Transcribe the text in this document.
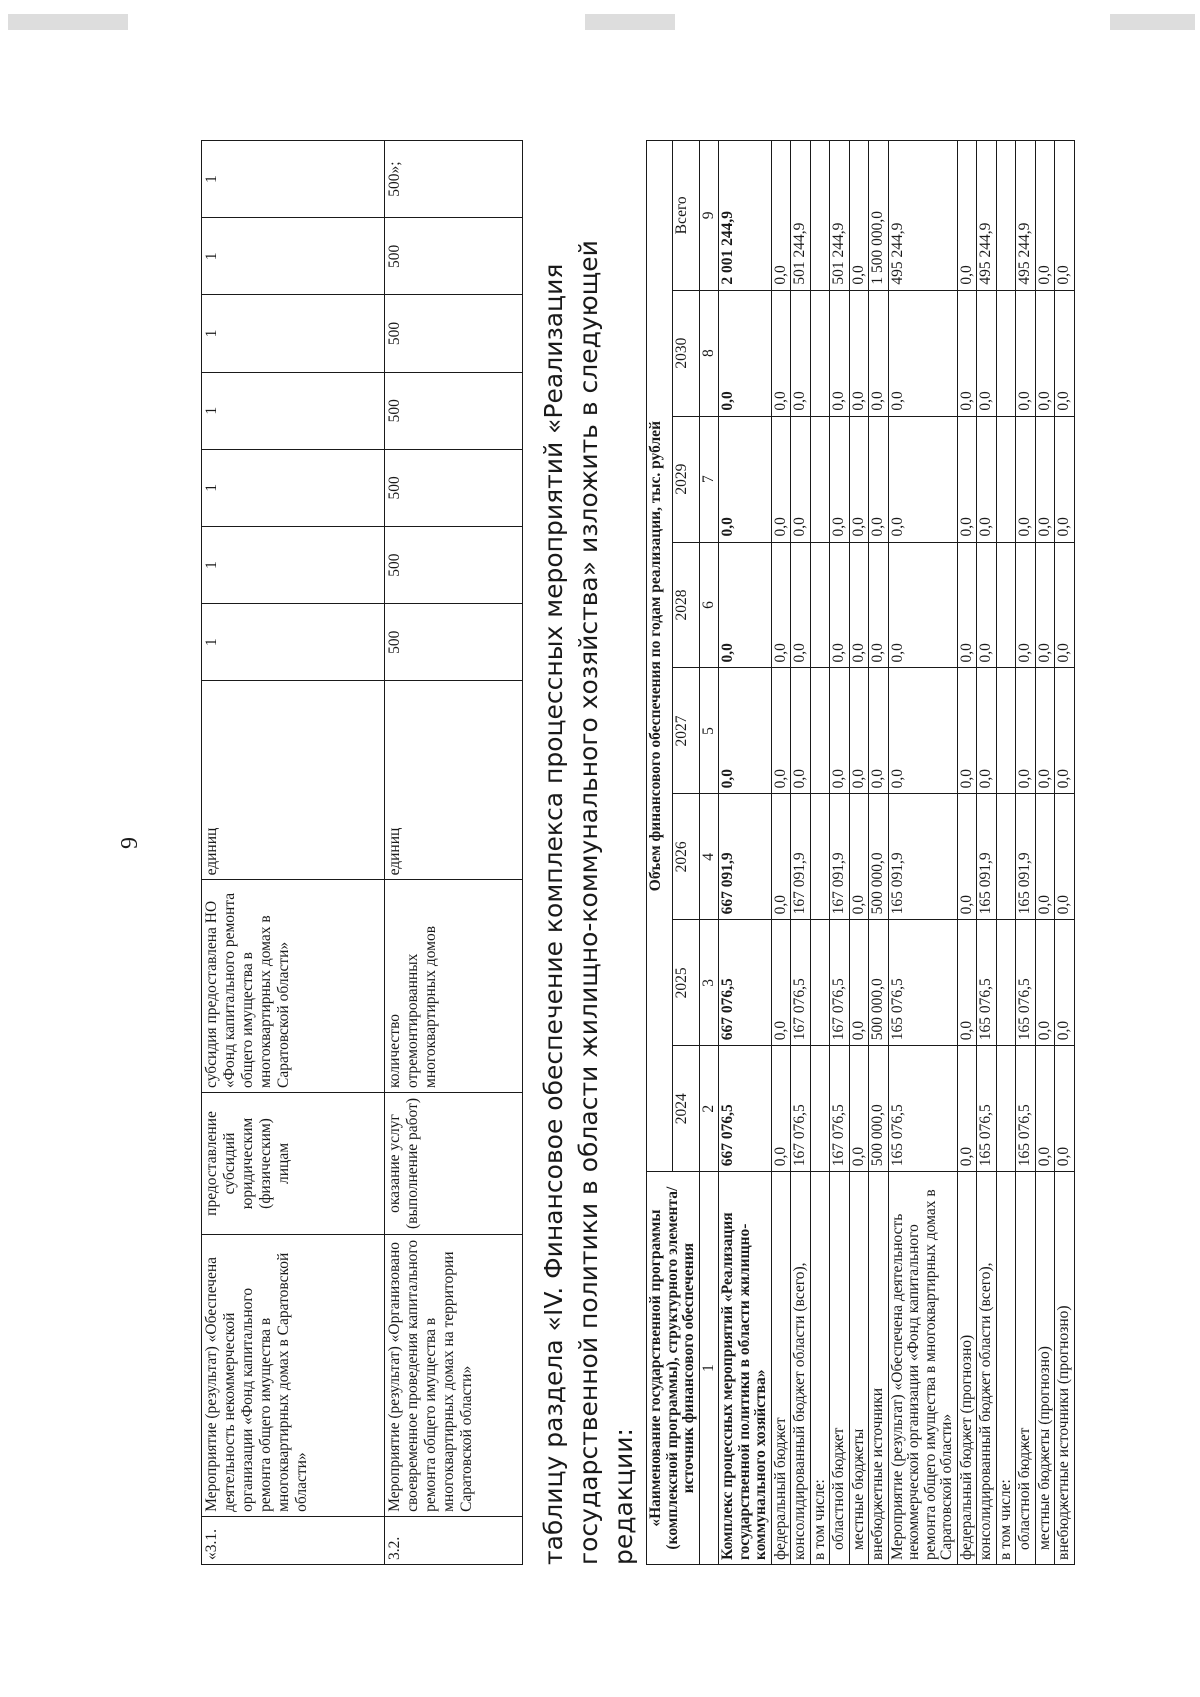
9
«3.1.	Мероприятие (результат) «Обеспечена деятельность некоммерческой организации «Фонд капитального ремонта общего имущества в многоквартирных домах в Саратовской области»	предоставление субсидий юридическим (физическим) лицам	субсидия предоставлена НО «Фонд капитального ремонта общего имущества в многоквартирных домах в Саратовской области»	единиц	1	1	1	1	1	1	1
3.2.	Мероприятие (результат) «Организовано своевременное проведения капитального ремонта общего имущества в многоквартирных домах на территории Саратовской области»	оказание услуг (выполнение работ)	количество отремонтированных многоквартирных домов	единиц	500	500	500	500	500	500	500»;
таблицу раздела «IV. Финансовое обеспечение комплекса процессных мероприятий «Реализация государственной политики в области жилищно-коммунального хозяйства» изложить в следующей редакции: «Наименование государственной программы (комплексной программы), структурного элемента/источник финансового обеспечения	Объем финансового обеспечения по годам реализации, тыс. рублей							
	2024	2025	2026	2027	2028	2029	2030	Всего
1	2	3	4	5	6	7	8	9
Комплекс процессных мероприятий «Реализация государственной политики в области жилищно-коммунального хозяйства»	667 076,5	667 076,5	667 091,9	0,0	0,0	0,0	0,0	2 001 244,9
федеральный бюджет	0,0	0,0	0,0	0,0	0,0	0,0	0,0	0,0
консолидированный бюджет области (всего),	167 076,5	167 076,5	167 091,9	0,0	0,0	0,0	0,0	501 244,9
в том числе:								
областной бюджет	167 076,5	167 076,5	167 091,9	0,0	0,0	0,0	0,0	501 244,9
местные бюджеты	0,0	0,0	0,0	0,0	0,0	0,0	0,0	0,0
внебюджетные источники	500 000,0	500 000,0	500 000,0	0,0	0,0	0,0	0,0	1 500 000,0
Мероприятие (результат) «Обеспечена деятельность некоммерческой организации «Фонд капитального ремонта общего имущества в многоквартирных домах в Саратовской области»	165 076,5	165 076,5	165 091,9	0,0	0,0	0,0	0,0	495 244,9
федеральный бюджет (прогнозно)	0,0	0,0	0,0	0,0	0,0	0,0	0,0	0,0
консолидированный бюджет области (всего),	165 076,5	165 076,5	165 091,9	0,0	0,0	0,0	0,0	495 244,9
в том числе:								
областной бюджет	165 076,5	165 076,5	165 091,9	0,0	0,0	0,0	0,0	495 244,9
местные бюджеты (прогнозно)	0,0	0,0	0,0	0,0	0,0	0,0	0,0	0,0
внебюджетные источники (прогнозно)	0,0	0,0	0,0	0,0	0,0	0,0	0,0	0,0
